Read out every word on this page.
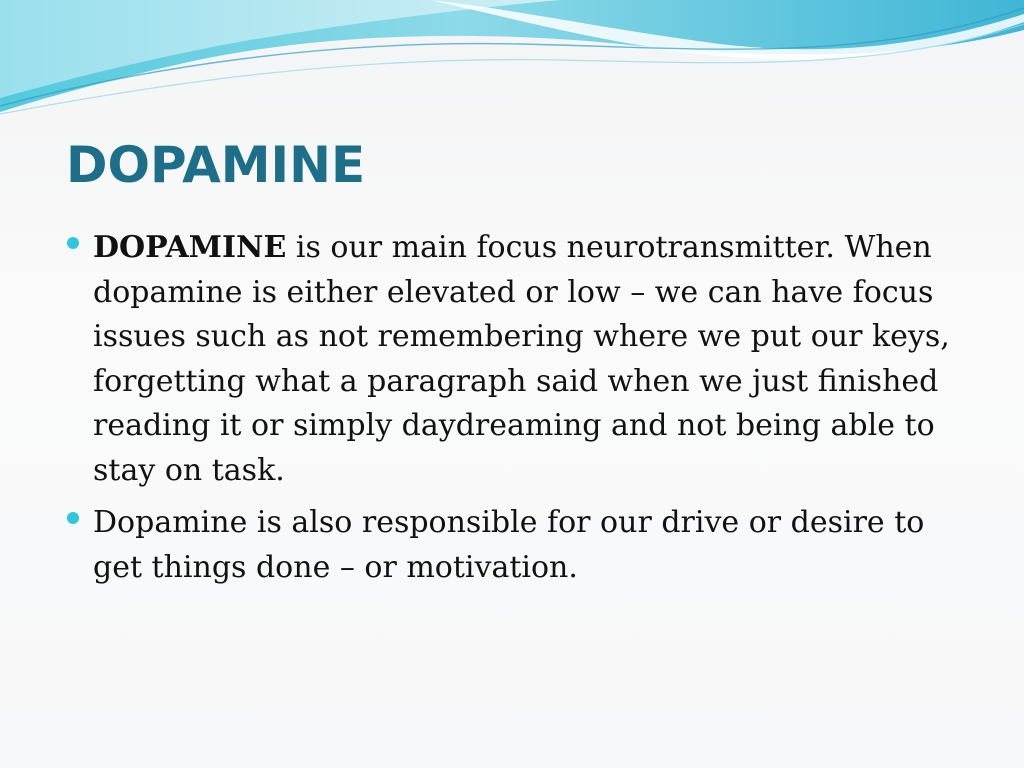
DOPAMINE
DOPAMINE is our main focus neurotransmitter. When dopamine is either elevated or low – we can have focus issues such as not remembering where we put our keys, forgetting what a paragraph said when we just finished reading it or simply daydreaming and not being able to stay on task.
Dopamine is also responsible for our drive or desire to get things done – or motivation.
